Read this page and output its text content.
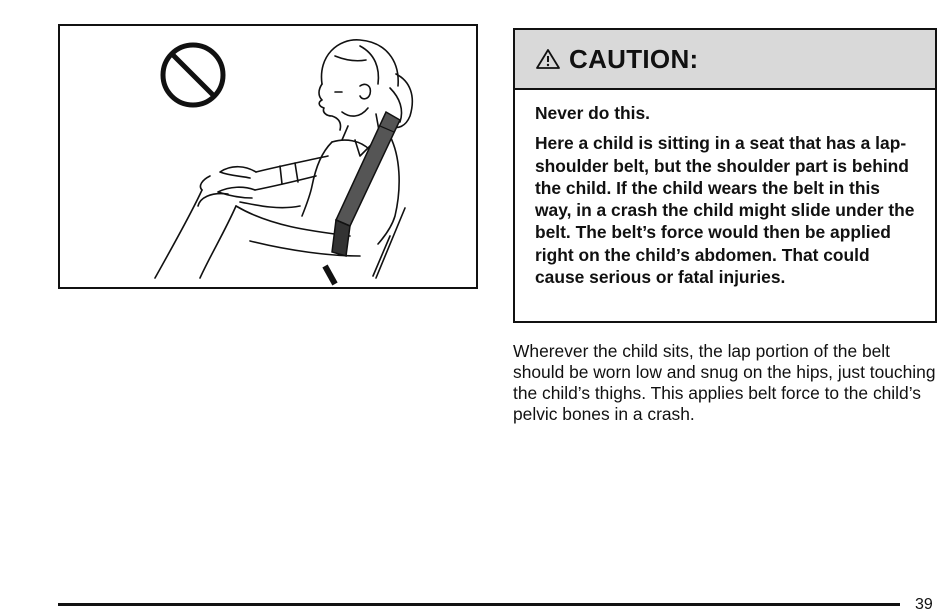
CAUTION:

Never do this.

Here a child is sitting in a seat that has a lap-shoulder belt, but the shoulder part is behind the child. If the child wears the belt in this way, in a crash the child might slide under the belt. The belt’s force would then be applied right on the child’s abdomen. That could cause serious or fatal injuries.

Wherever the child sits, the lap portion of the belt should be worn low and snug on the hips, just touching the child’s thighs. This applies belt force to the child’s pelvic bones in a crash.

39
